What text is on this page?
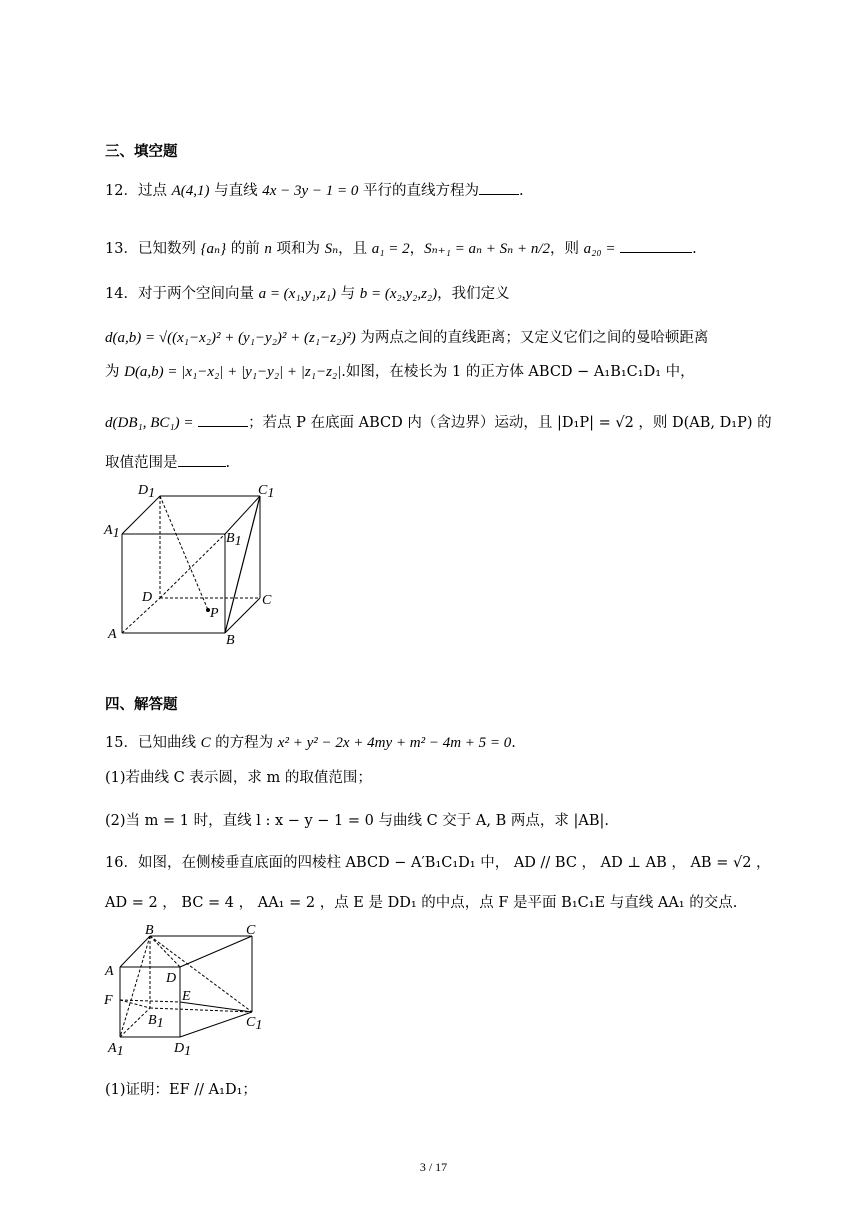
三、填空题
12．过点 A(4,1) 与直线 4x − 3y − 1 = 0 平行的直线方程为	.
13．已知数列 {aₙ} 的前 n 项和为 Sₙ，且 a₁ = 2，Sₙ₊₁ = aₙ + Sₙ + n/2，则 a₂₀ =	.
14．对于两个空间向量 a = (x₁,y₁,z₁) 与 b = (x₂,y₂,z₂)，我们定义
d(a,b) = √((x₁−x₂)² + (y₁−y₂)² + (z₁−z₂)²) 为两点之间的直线距离；又定义它们之间的曼哈顿距离
为 D(a,b) = |x₁−x₂| + |y₁−y₂| + |z₁−z₂|.如图，在棱长为 1 的正方体 ABCD − A₁B₁C₁D₁ 中，
d(DB₁, BC₁) =	；若点 P 在底面 ABCD 内（含边界）运动，且 |D₁P| = √2 ，则 D(AB, D₁P) 的
取值范围是	.
D1	C1
A1	B1
D	C
A	B
P
四、解答题
15．已知曲线 C 的方程为 x² + y² − 2x + 4my + m² − 4m + 5 = 0.
(1)若曲线 C 表示圆，求 m 的取值范围；
(2)当 m = 1 时，直线 l : x − y − 1 = 0 与曲线 C 交于 A, B 两点，求 |AB|.
16．如图，在侧棱垂直底面的四棱柱 ABCD − A′B₁C₁D₁ 中， AD // BC ， AD ⊥ AB ， AB = √2 ，
AD = 2 ， BC = 4 ， AA₁ = 2 ，点 E 是 DD₁ 的中点，点 F 是平面 B₁C₁E 与直线 AA₁ 的交点.
B	C
A	D
E
F
B1	C1
A1	D1
(1)证明：EF // A₁D₁；
3 / 17
